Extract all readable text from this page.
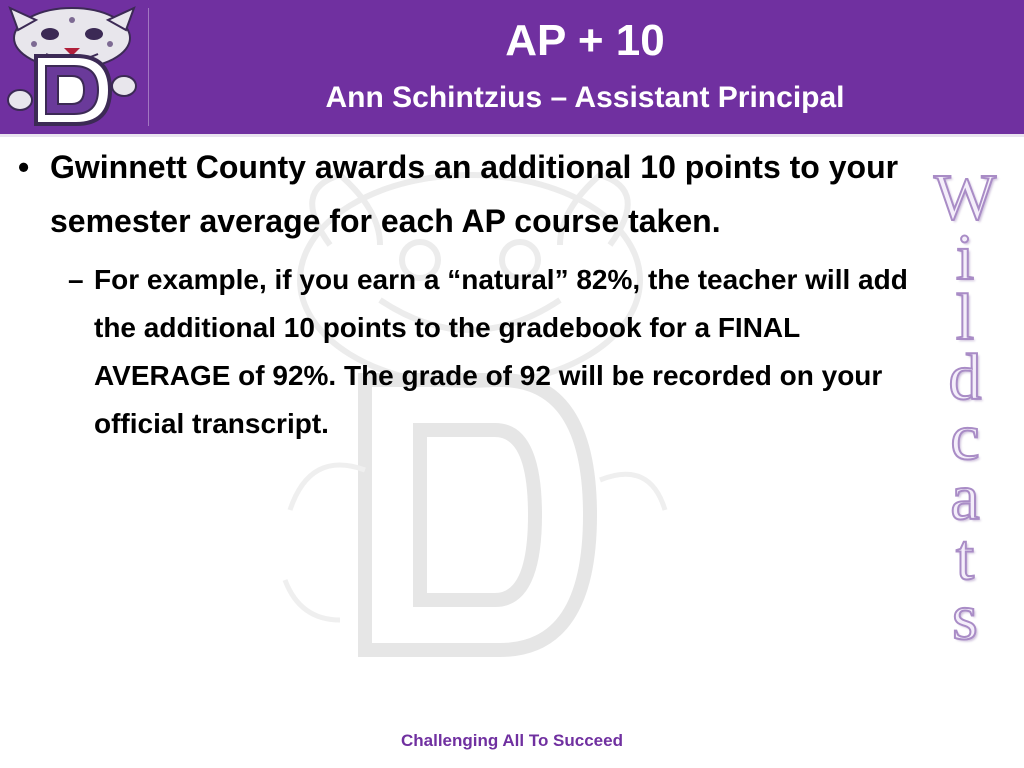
AP + 10
Ann Schintzius – Assistant Principal
W
i
l
d
c
a
t
s

• Gwinnett County awards an additional 10 points to your semester average for each AP course taken.

– For example, if you earn a “natural” 82%, the teacher will add the additional 10 points to the gradebook for a FINAL AVERAGE of 92%. The grade of 92 will be recorded on your official transcript.

Challenging All To Succeed
